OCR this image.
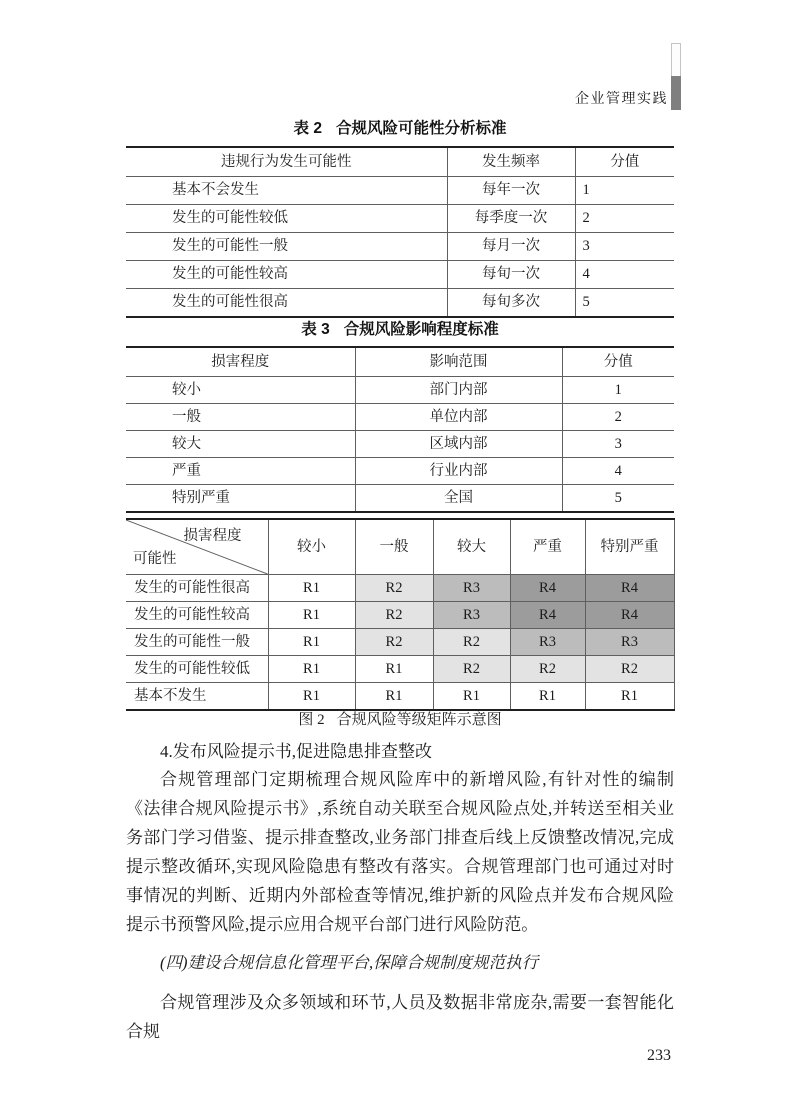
企业管理实践
表 2 合规风险可能性分析标准
违规行为发生可能性	发生频率	分值
基本不会发生	每年一次	1
发生的可能性较低	每季度一次	2
发生的可能性一般	每月一次	3
发生的可能性较高	每旬一次	4
发生的可能性很高	每旬多次	5
表 3 合规风险影响程度标准
损害程度	影响范围	分值
较小	部门内部	1
一般	单位内部	2
较大	区域内部	3
严重	行业内部	4
特别严重	全国	5
损害程度
可能性	较小	一般	较大	严重	特别严重
发生的可能性很高	R1	R2	R3	R4	R4
发生的可能性较高	R1	R2	R3	R4	R4
发生的可能性一般	R1	R2	R2	R3	R3
发生的可能性较低	R1	R1	R2	R2	R2
基本不发生	R1	R1	R1	R1	R1
图 2 合规风险等级矩阵示意图
4.发布风险提示书,促进隐患排查整改
合规管理部门定期梳理合规风险库中的新增风险,有针对性的编制《法律合规风险提示书》,系统自动关联至合规风险点处,并转送至相关业务部门学习借鉴、提示排查整改,业务部门排查后线上反馈整改情况,完成提示整改循环,实现风险隐患有整改有落实。合规管理部门也可通过对时事情况的判断、近期内外部检查等情况,维护新的风险点并发布合规风险提示书预警风险,提示应用合规平台部门进行风险防范。
(四)建设合规信息化管理平台,保障合规制度规范执行
合规管理涉及众多领域和环节,人员及数据非常庞杂,需要一套智能化合规
233
